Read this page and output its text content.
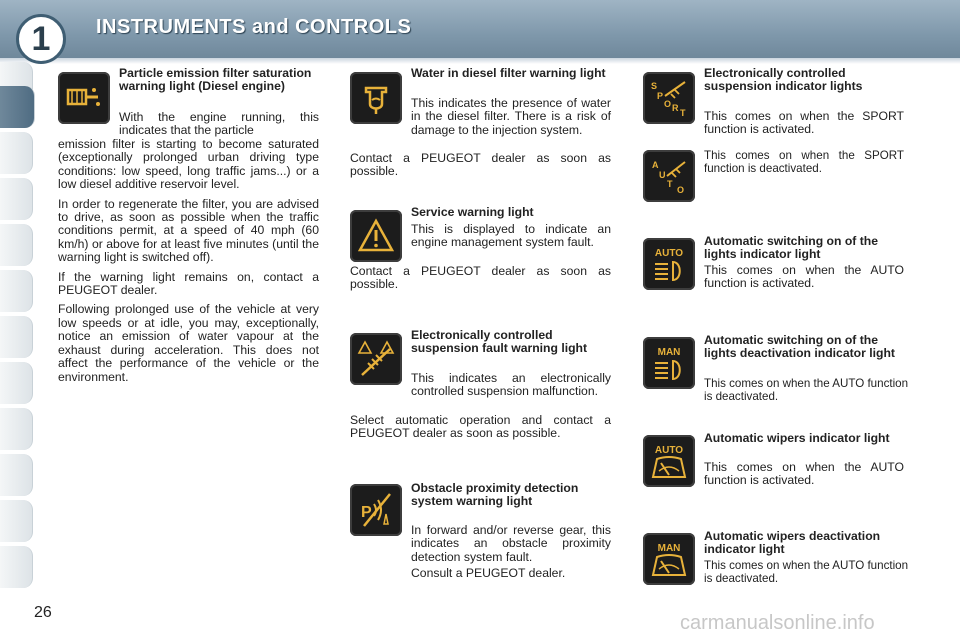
1	INSTRUMENTS and CONTROLS
Particle emission filter saturation warning light (Diesel engine)
With the engine running, this indicates that the particle

emission filter is starting to become saturated (exceptionally prolonged urban driving type conditions: low speed, long traffic jams...) or a low diesel additive reservoir level.

In order to regenerate the filter, you are advised to drive, as soon as possible when the traffic conditions permit, at a speed of 40 mph (60 km/h) or above for at least five minutes (until the warning light is switched off).

If the warning light remains on, contact a PEUGEOT dealer.

Following prolonged use of the vehicle at very low speeds or at idle, you may, exceptionally, notice an emission of water vapour at the exhaust during acceleration. This does not affect the performance of the vehicle or the environment.

Water in diesel filter warning light
This indicates the presence of water in the diesel filter. There is a risk of damage to the injection system.
Contact a PEUGEOT dealer as soon as possible.
Service warning light
This is displayed to indicate an engine management system fault.
Contact a PEUGEOT dealer as soon as possible.
Electronically controlled suspension fault warning light
This indicates an electronically controlled suspension malfunction.
Select automatic operation and contact a PEUGEOT dealer as soon as possible.
P
Obstacle proximity detection system warning light
In forward and/or reverse gear, this indicates an obstacle proximity detection system fault.
Consult a PEUGEOT dealer.
S
P
O R T
Electronically controlled suspension indicator lights
This comes on when the SPORT function is activated.
A
U
T
O
This comes on when the SPORT function is deactivated.
AUTO
Automatic switching on of the lights indicator light
This comes on when the AUTO function is activated.
MAN
Automatic switching on of the lights deactivation indicator light
This comes on when the AUTO function is deactivated.
AUTO
Automatic wipers indicator light
This comes on when the AUTO function is activated.
MAN
Automatic wipers deactivation indicator light
This comes on when the AUTO function is deactivated.
26	carmanualsonline.info
